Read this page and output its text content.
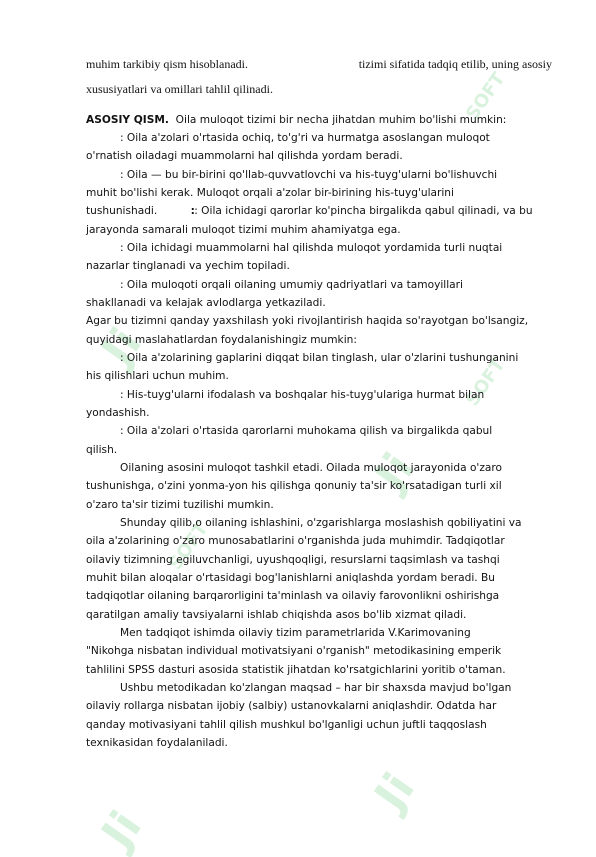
Ji
Ji
Ji
Ji
SOFT
SOFT
SOFT
muhim tarkibiy qism hisoblanadi.	tizimi sifatida tadqiq etilib, uning asosiy
xususiyatlari va omillari tahlil qilinadi.
ASOSIY QISM. Oila muloqot tizimi bir necha jihatdan muhim bo'lishi mumkin:
: Oila a'zolari o'rtasida ochiq, to'g'ri va hurmatga asoslangan muloqot
o'rnatish oiladagi muammolarni hal qilishda yordam beradi.
: Oila — bu bir-birini qo'llab-quvvatlovchi va his-tuyg'ularni bo'lishuvchi
muhit bo'lishi kerak. Muloqot orqali a'zolar bir-birining his-tuyg'ularini
tushunishadi.	: : Oila ichidagi qarorlar ko'pincha birgalikda qabul qilinadi, va bu
jarayonda samarali muloqot tizimi muhim ahamiyatga ega.
: Oila ichidagi muammolarni hal qilishda muloqot yordamida turli nuqtai
nazarlar tinglanadi va yechim topiladi.
: Oila muloqoti orqali oilaning umumiy qadriyatlari va tamoyillari
shakllanadi va kelajak avlodlarga yetkaziladi.
Agar bu tizimni qanday yaxshilash yoki rivojlantirish haqida so'rayotgan bo'lsangiz,
quyidagi maslahatlardan foydalanishingiz mumkin:
: Oila a'zolarining gaplarini diqqat bilan tinglash, ular o'zlarini tushunganini
his qilishlari uchun muhim.
: His-tuyg'ularni ifodalash va boshqalar his-tuyg'ulariga hurmat bilan
yondashish.
: Oila a'zolari o'rtasida qarorlarni muhokama qilish va birgalikda qabul
qilish.
Oilaning asosini muloqot tashkil etadi. Oilada muloqot jarayonida o'zaro
tushunishga, o'zini yonma-yon his qilishga qonuniy ta'sir ko'rsatadigan turli xil
o'zaro ta'sir tizimi tuzilishi mumkin.
Shunday qilib,o oilaning ishlashini, o'zgarishlarga moslashish qobiliyatini va
oila a'zolarining o'zaro munosabatlarini o'rganishda juda muhimdir. Tadqiqotlar
oilaviy tizimning egiluvchanligi, uyushqoqligi, resurslarni taqsimlash va tashqi
muhit bilan aloqalar o'rtasidagi bog'lanishlarni aniqlashda yordam beradi. Bu
tadqiqotlar oilaning barqarorligini ta'minlash va oilaviy farovonlikni oshirishga
qaratilgan amaliy tavsiyalarni ishlab chiqishda asos bo'lib xizmat qiladi.
Men tadqiqot ishimda oilaviy tizim parametrlarida V.Karimovaning
"Nikohga nisbatan individual motivatsiyani o'rganish" metodikasining emperik
tahlilini SPSS dasturi asosida statistik jihatdan ko'rsatgichlarini yoritib o'taman.
Ushbu metodikadan ko'zlangan maqsad – har bir shaxsda mavjud bo'lgan
oilaviy rollarga nisbatan ijobiy (salbiy) ustanovkalarni aniqlashdir. Odatda har
qanday motivasiyani tahlil qilish mushkul bo'lganligi uchun juftli taqqoslash
texnikasidan foydalaniladi.
